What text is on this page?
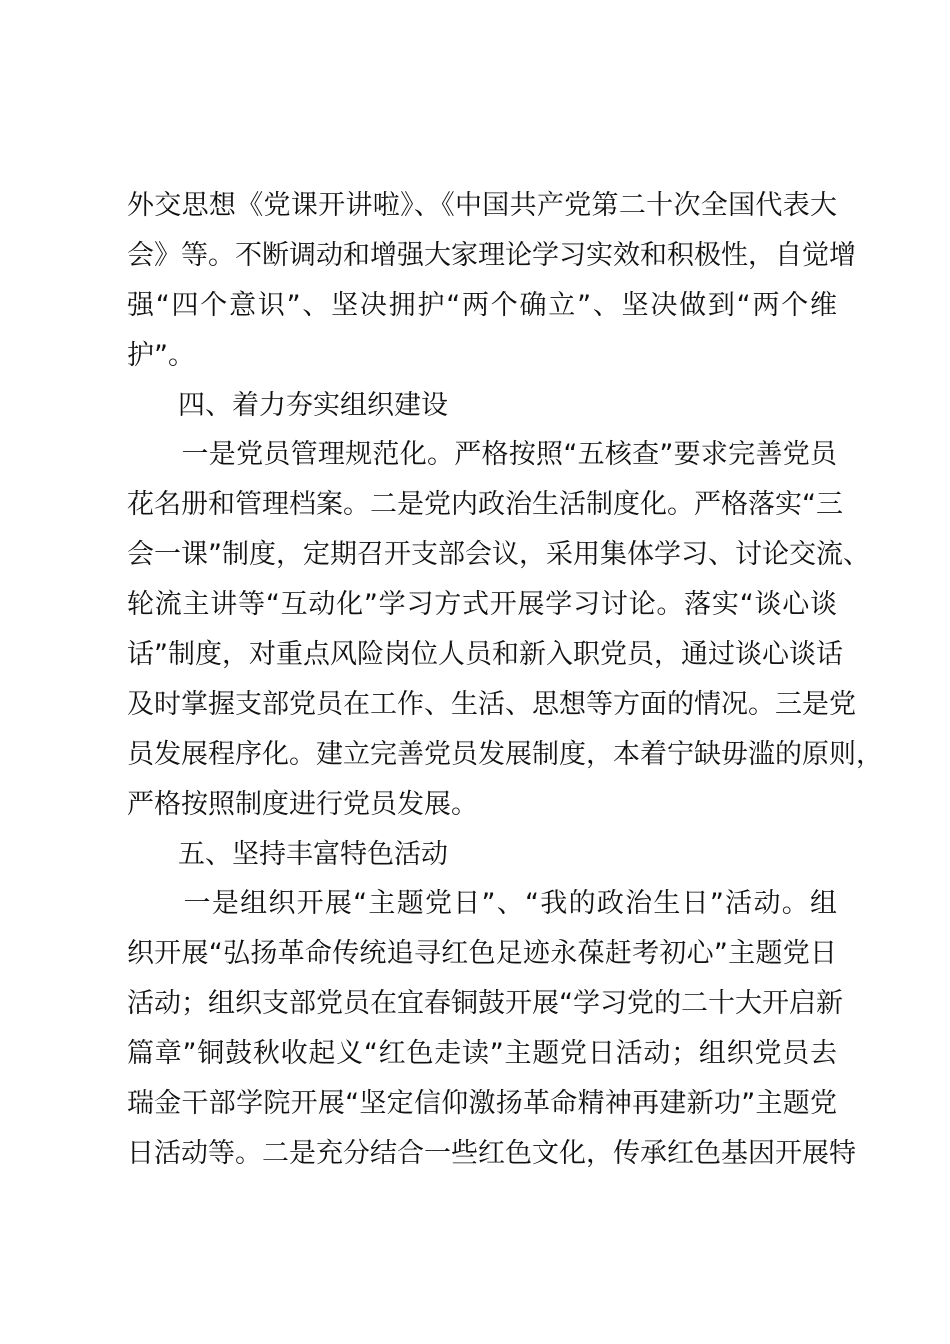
外交思想《党课开讲啦》、《中国共产党第二十次全国代表大
会》等。不断调动和增强大家理论学习实效和积极性，自觉增
强“四个意识”、坚决拥护“两个确立”、坚决做到“两个维
护”。
四、着力夯实组织建设
　　一是党员管理规范化。严格按照“五核查”要求完善党员
花名册和管理档案。二是党内政治生活制度化。严格落实“三
会一课”制度，定期召开支部会议，采用集体学习、讨论交流、
轮流主讲等“互动化”学习方式开展学习讨论。落实“谈心谈
话”制度，对重点风险岗位人员和新入职党员，通过谈心谈话
及时掌握支部党员在工作、生活、思想等方面的情况。三是党
员发展程序化。建立完善党员发展制度，本着宁缺毋滥的原则，
严格按照制度进行党员发展。
五、坚持丰富特色活动
　　一是组织开展“主题党日”、“我的政治生日”活动。组
织开展“弘扬革命传统追寻红色足迹永葆赶考初心”主题党日
活动；组织支部党员在宜春铜鼓开展“学习党的二十大开启新
篇章”铜鼓秋收起义“红色走读”主题党日活动；组织党员去
瑞金干部学院开展“坚定信仰激扬革命精神再建新功”主题党
日活动等。二是充分结合一些红色文化，传承红色基因开展特
